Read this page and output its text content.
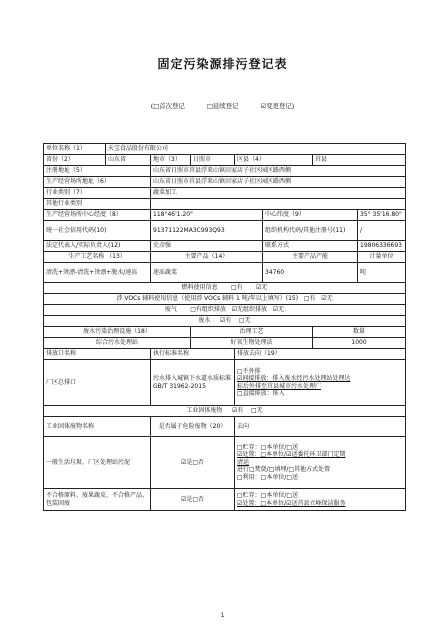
固定污染源排污登记表
(□首次登记	□延续登记	☑变更登记)
单位名称（1）	天宝食品股份有限公司						
省份（2）	山东省	地市（3）	日照市	区县（4）		莒县	
注册地址（5）		山东省日照市莒县浮来山镇田家店子社区园区路西侧					
生产经营场所地址（6）		山东省日照市莒县浮来山镇田家店子社区园区路西侧					
行业类别（7）		蔬菜加工					
其他行业类别							
生产经营场所中心经度（8）		118°46'1.20"			中心纬度（9）		35° 35'16.80"
统一社会信用代码(10)		91371122MA3C993Q93			组织机构代码/其他注册号(11)		/
法定代表人/实际负责人(12)		史彦强			联系方式		19806336693
生产工艺名称 （13）		主要产品（14）			主要产品产能		计量单位
清洗+烫漂-清洗+烫漂+脱水/速冻		速冻蔬菜			34760		吨
燃料使用信息 □有 ☑无							
涉 VOCs 辅料使用信息（使用涉 VOCs 辅料 1 吨/年以上填写）(15) □有 ☑无							
废气 □有组织排放 ☑无组织排放 ☑无							
废水 ☑有 □无							
废水污染治理设施（18）			治理工艺			数量	
综合污水处理站			好氧生物处理法			1000	
排放口名称		执行标准名称		排放去向（19）			
厂区总排口		污水排入城镇下水道水质标准 GB/T 31962-2015		□不外排
☑间接排放：排入废水经污水处理站处理达
标后外排至莒县城市污水处理厂
□直接排放：排入			

工业固体废物 ☑有 □无							
工业固体废物名称		是否属于危险废物（20）		去向			
一般生活垃圾、厂区处理站污泥		☑是□否		□贮存：□本单位/□送
☑处置：□本单位/☑送委托环卫部门定期
清运
进行□焚烧/□填埋/□其他方式处置
□利用：□本单位/□送			

不合格原料、废果蔬皮、不合格产品、包装固废		☑是□否		□贮存：□本单位/□送
☑处置：□本单位/☑送莒县立峰保洁服务			
1
